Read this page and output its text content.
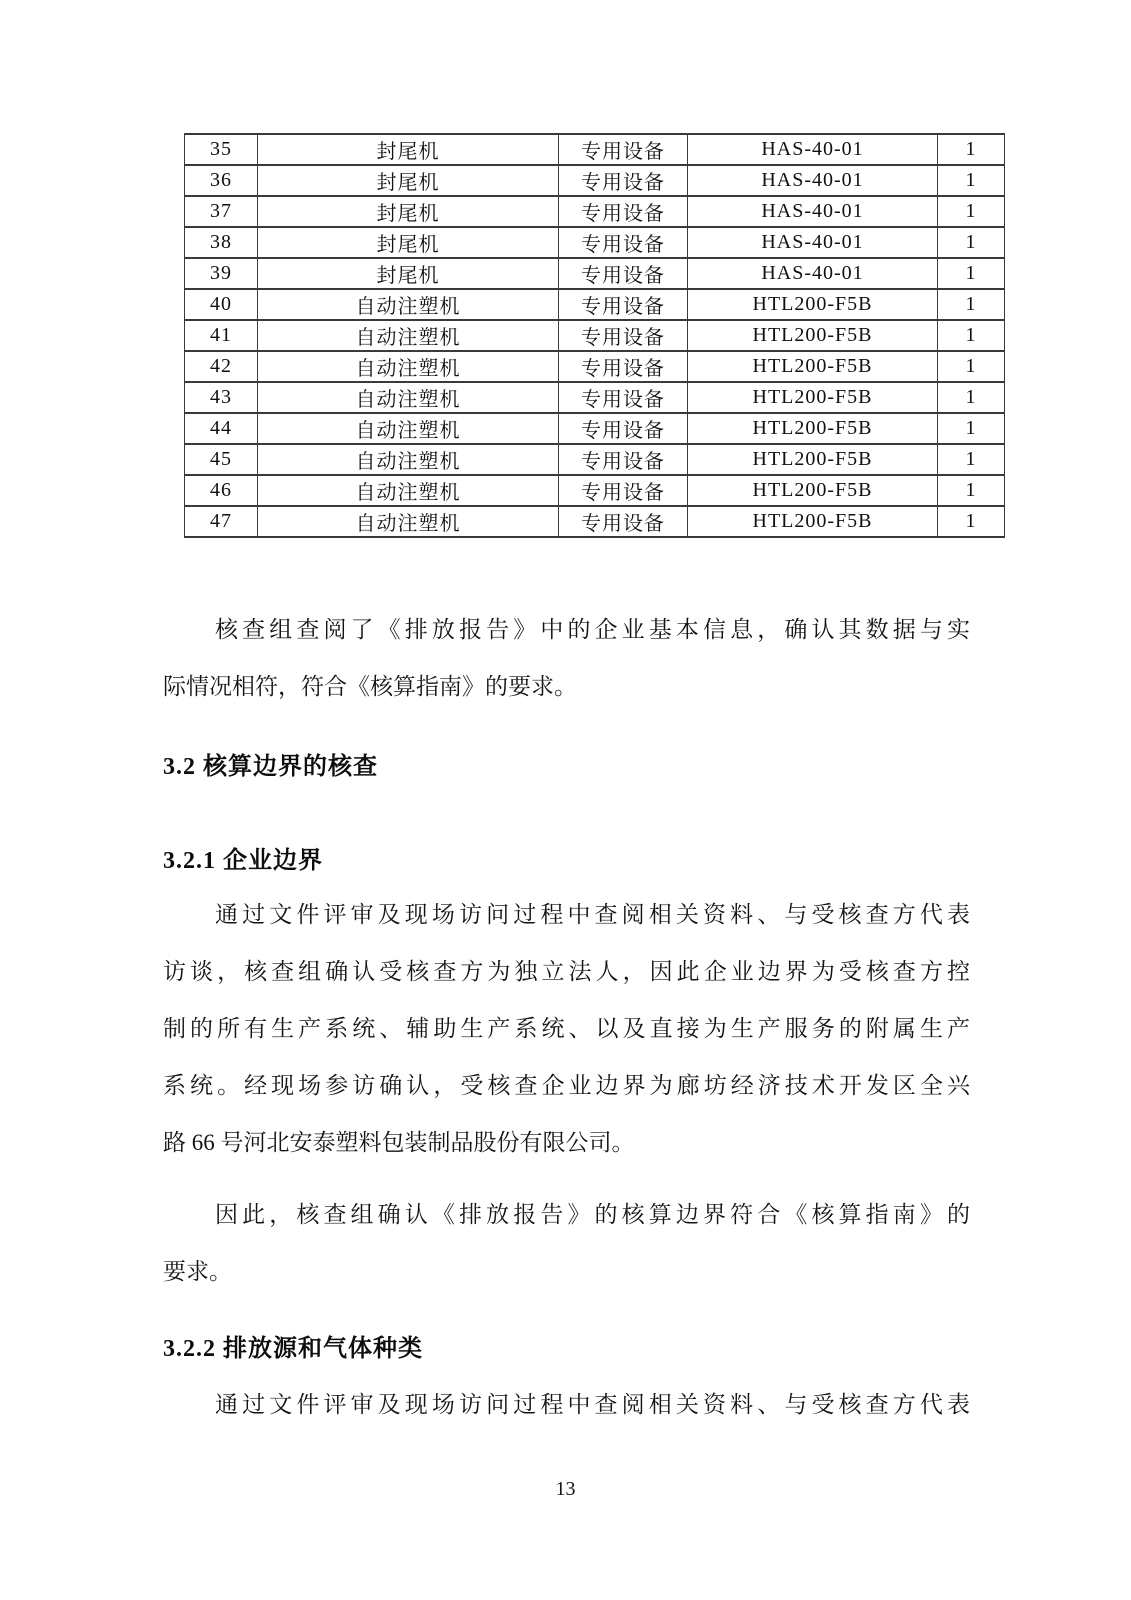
35	封尾机	专用设备	HAS-40-01	1
36	封尾机	专用设备	HAS-40-01	1
37	封尾机	专用设备	HAS-40-01	1
38	封尾机	专用设备	HAS-40-01	1
39	封尾机	专用设备	HAS-40-01	1
40	自动注塑机	专用设备	HTL200-F5B	1
41	自动注塑机	专用设备	HTL200-F5B	1
42	自动注塑机	专用设备	HTL200-F5B	1
43	自动注塑机	专用设备	HTL200-F5B	1
44	自动注塑机	专用设备	HTL200-F5B	1
45	自动注塑机	专用设备	HTL200-F5B	1
46	自动注塑机	专用设备	HTL200-F5B	1
47	自动注塑机	专用设备	HTL200-F5B	1
核查组查阅了《排放报告》中的企业基本信息，确认其数据与实
际情况相符，符合《核算指南》的要求。
3.2 核算边界的核查
3.2.1 企业边界
通过文件评审及现场访问过程中查阅相关资料、与受核查方代表
访谈，核查组确认受核查方为独立法人，因此企业边界为受核查方控
制的所有生产系统、辅助生产系统、以及直接为生产服务的附属生产
系统。经现场参访确认，受核查企业边界为廊坊经济技术开发区全兴
路 66 号河北安泰塑料包装制品股份有限公司。
因此，核查组确认《排放报告》的核算边界符合《核算指南》的
要求。
3.2.2 排放源和气体种类
通过文件评审及现场访问过程中查阅相关资料、与受核查方代表
13
